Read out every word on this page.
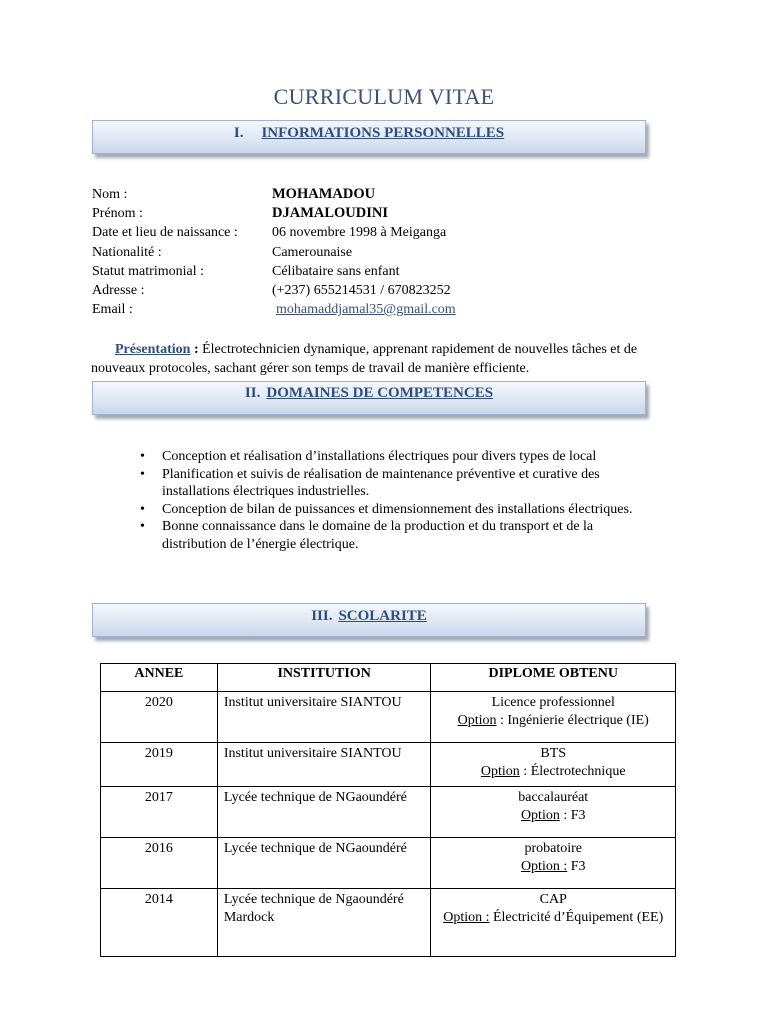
CURRICULUM VITAE
I. INFORMATIONS PERSONNELLES
Nom :	MOHAMADOU
Prénom :	DJAMALOUDINI
Date et lieu de naissance : 06 novembre 1998 à Meiganga
Nationalité :	Camerounaise
Statut matrimonial :	Célibataire sans enfant
Adresse :	(+237) 655214531 / 670823252
Email :	mohamaddjamal35@gmail.com
Présentation : Électrotechnicien dynamique, apprenant rapidement de nouvelles tâches et de nouveaux protocoles, sachant gérer son temps de travail de manière efficiente.
II. DOMAINES DE COMPETENCES
• Conception et réalisation d’installations électriques pour divers types de local
• Planification et suivis de réalisation de maintenance préventive et curative des installations électriques industrielles.
• Conception de bilan de puissances et dimensionnement des installations électriques.
• Bonne connaissance dans le domaine de la production et du transport et de la distribution de l’énergie électrique.
III. SCOLARITE
ANNEE	INSTITUTION	DIPLOME OBTENU
2020	Institut universitaire SIANTOU	Licence professionnel
Option : Ingénierie électrique (IE)
2019	Institut universitaire SIANTOU	BTS
Option : Électrotechnique
2017	Lycée technique de NGaoundéré	baccalauréat
Option : F3
2016	Lycée technique de NGaoundéré	probatoire
Option : F3
2014	Lycée technique de Ngaoundéré Mardock	CAP
Option : Électricité d’Équipement (EE)
